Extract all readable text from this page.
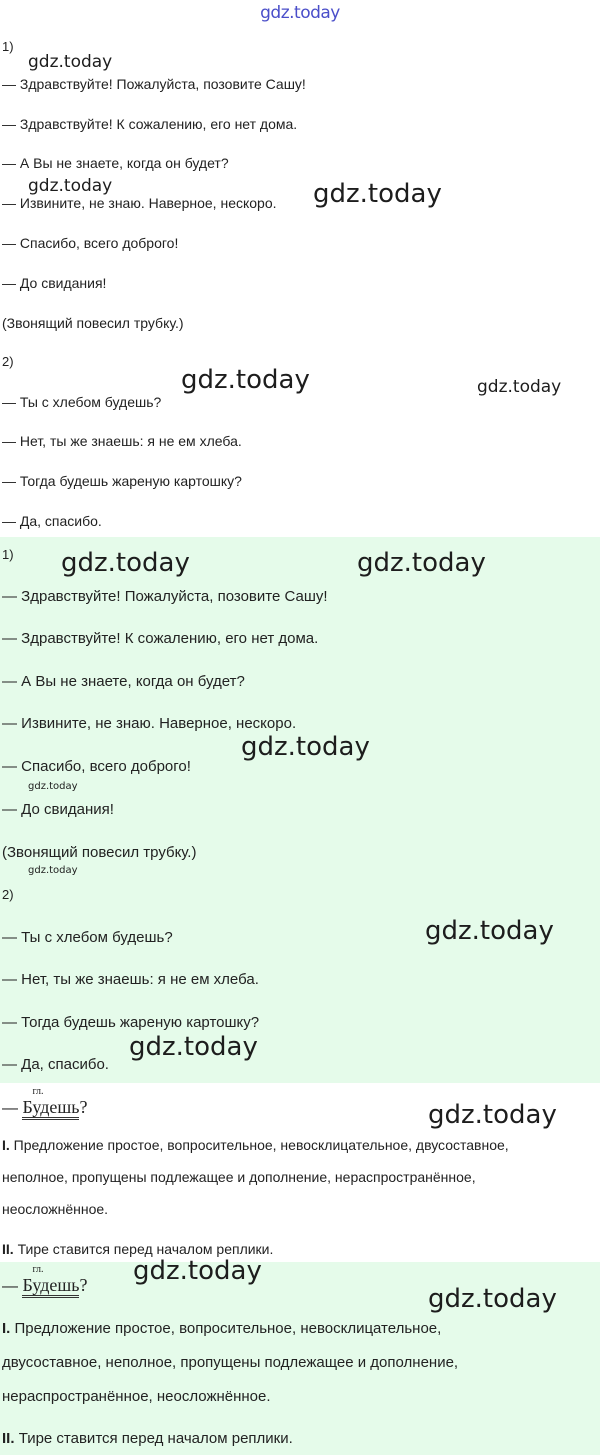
gdz.today
1)
— Здравствуйте! Пожалуйста, позовите Сашу!
— Здравствуйте! К сожалению, его нет дома.
— А Вы не знаете, когда он будет?
— Извините, не знаю. Наверное, нескоро.
— Спасибо, всего доброго!
— До свидания!
(Звонящий повесил трубку.)
2)
— Ты с хлебом будешь?
— Нет, ты же знаешь: я не ем хлеба.
— Тогда будешь жареную картошку?
— Да, спасибо.
1)
— Здравствуйте! Пожалуйста, позовите Сашу!
— Здравствуйте! К сожалению, его нет дома.
— А Вы не знаете, когда он будет?
— Извините, не знаю. Наверное, нескоро.
— Спасибо, всего доброго!
— До свидания!
(Звонящий повесил трубку.)
2)
— Ты с хлебом будешь?
— Нет, ты же знаешь: я не ем хлеба.
— Тогда будешь жареную картошку?
— Да, спасибо.
—
гл.
Будешь?
I. Предложение простое, вопросительное, невосклицательное, двусоставное,
неполное, пропущены подлежащее и дополнение, нераспространённое,
неосложнённое.
II. Тире ставится перед началом реплики.
—
гл.
Будешь?
I. Предложение простое, вопросительное, невосклицательное,
двусоставное, неполное, пропущены подлежащее и дополнение,
нераспространённое, неосложнённое.
II. Тире ставится перед началом реплики.
gdz.today
gdz.today	gdz.today
gdz.today	gdz.today
gdz.today	gdz.today
gdz.today
gdz.today
gdz.today
gdz.today
gdz.today
gdz.today
gdz.today
gdz.today
